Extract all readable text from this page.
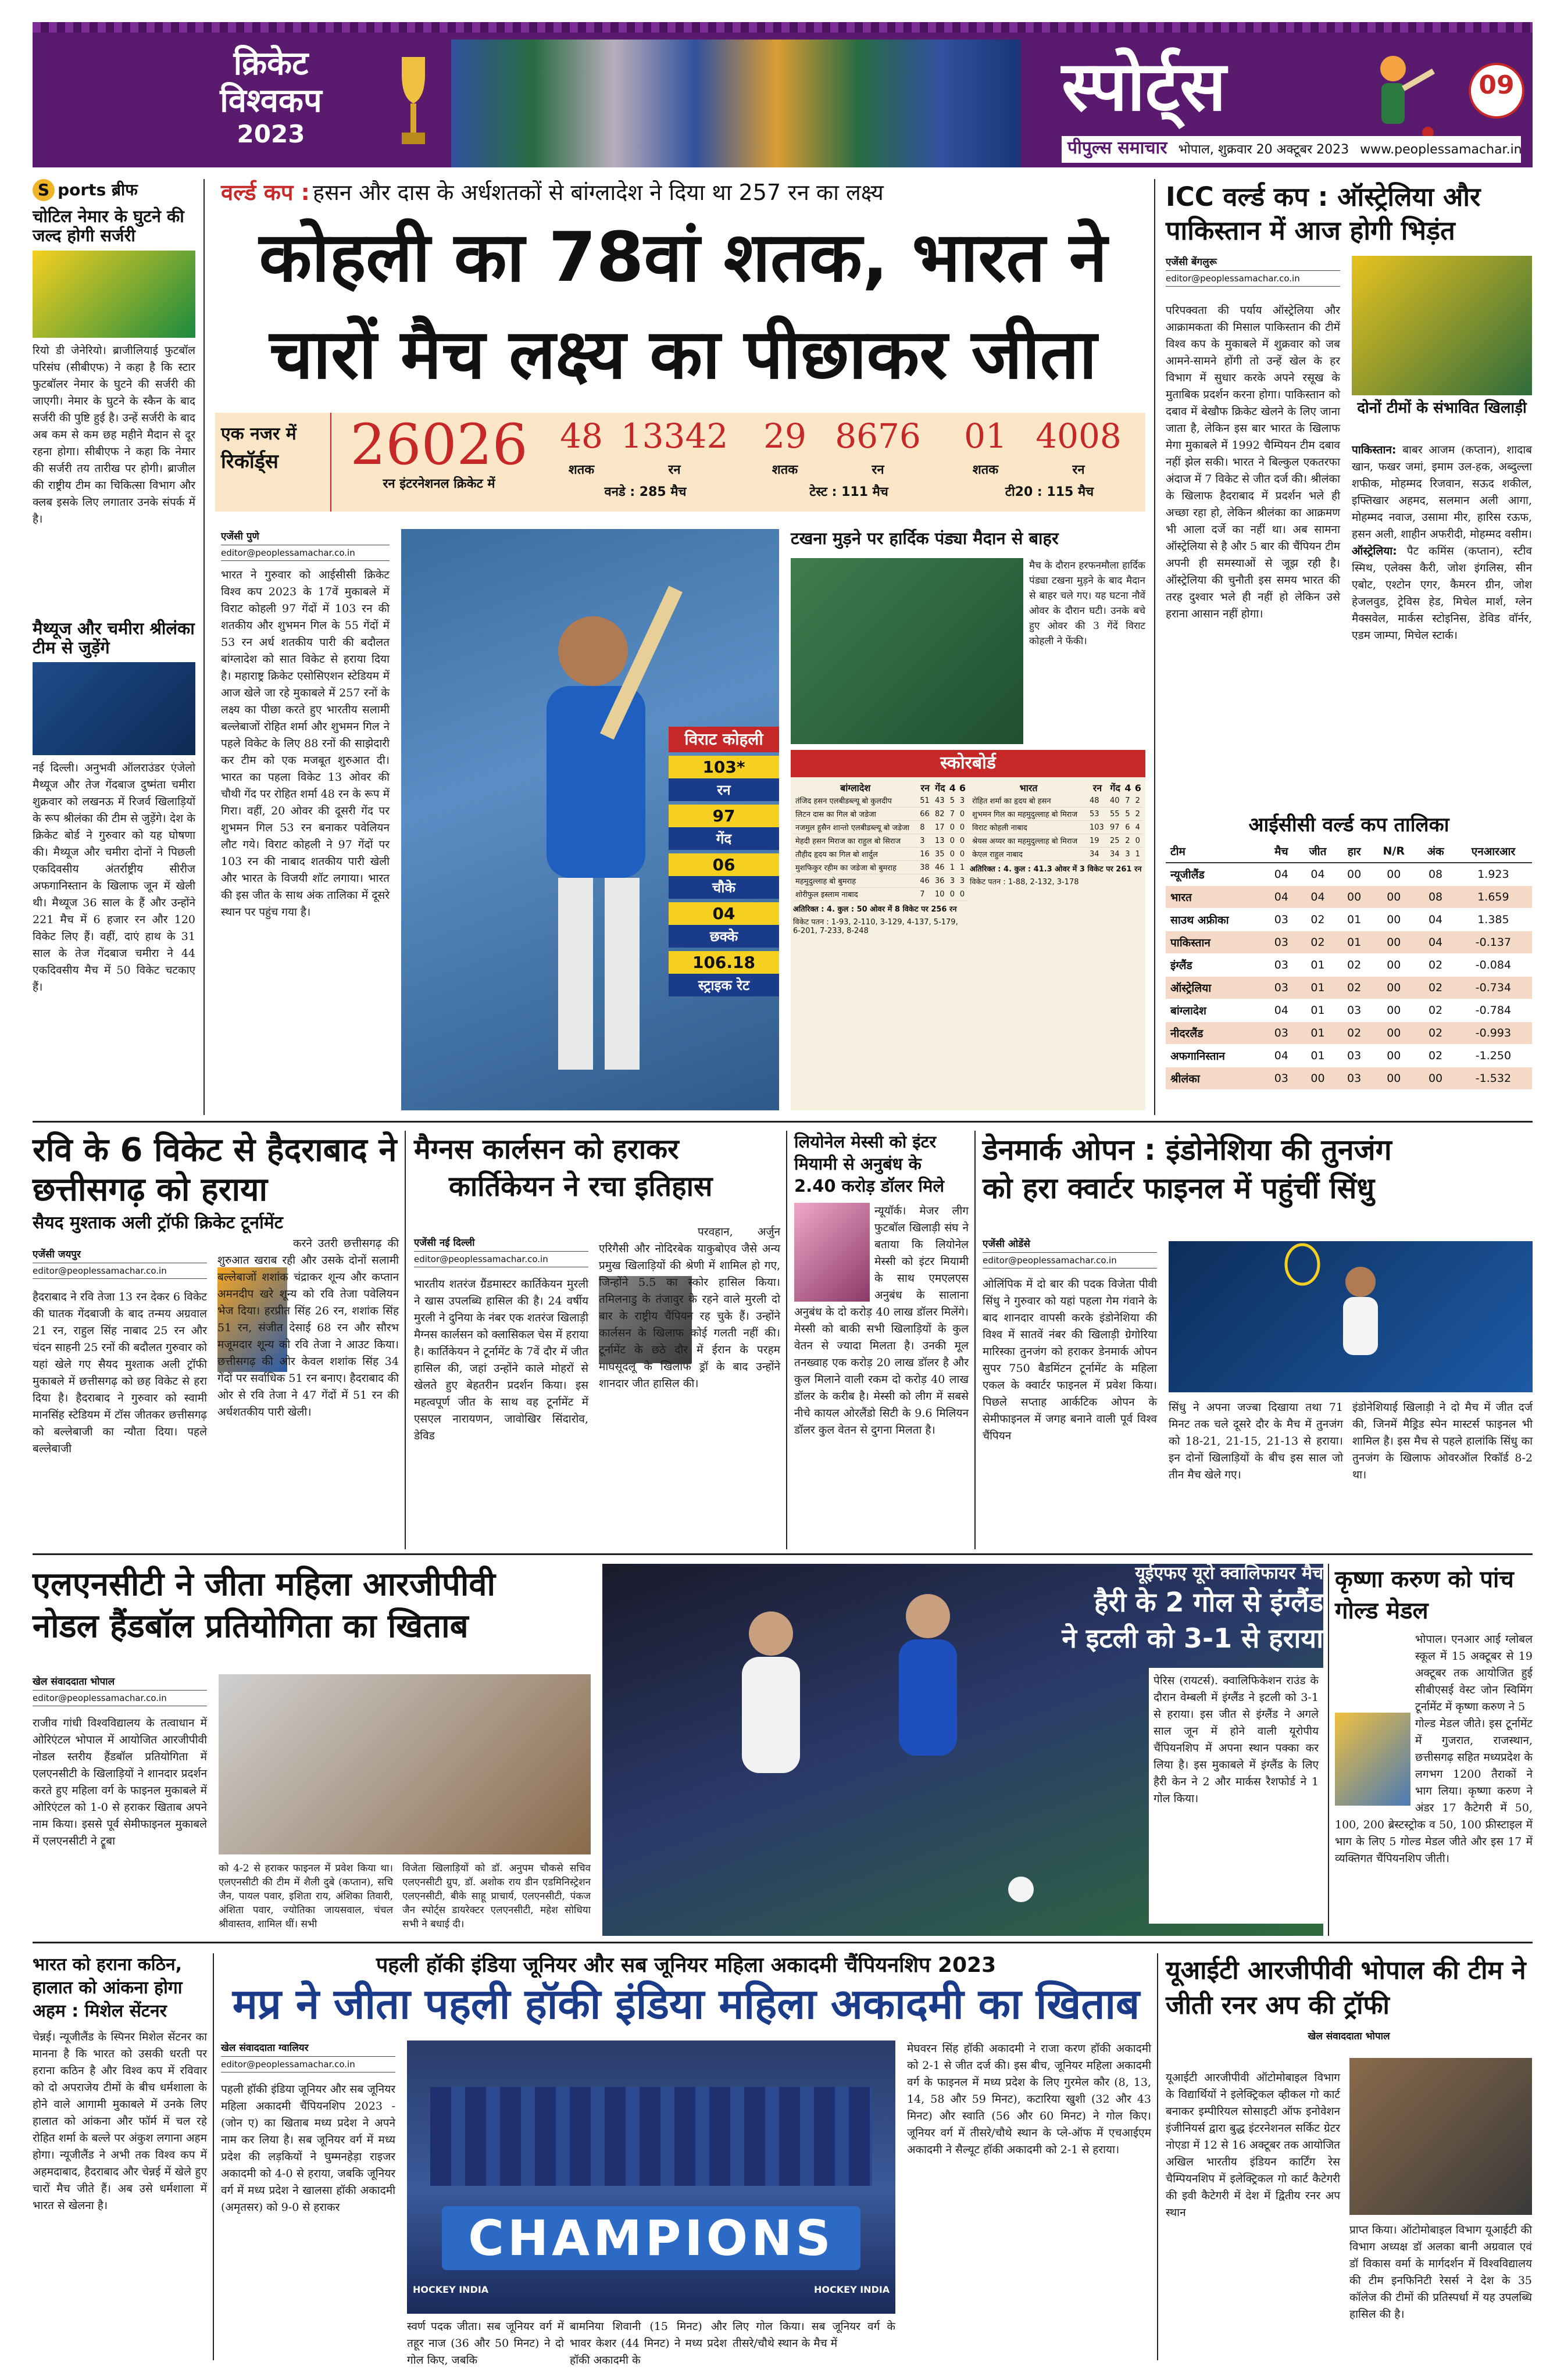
क्रिकेट
विश्वकप
2023
स्पोर्ट्स	09
पीपुल्स समाचार भोपाल, शुक्रवार 20 अक्टूबर 2023 www.peoplessamachar.in
S ports ब्रीफ
चोटिल नेमार के घुटने की जल्द होगी सर्जरी
रियो डी जेनेरियो। ब्राजीलियाई फुटबॉल परिसंघ (सीबीएफ) ने कहा है कि स्टार फुटबॉलर नेमार के घुटने की सर्जरी की जाएगी। नेमार के घुटने के स्कैन के बाद सर्जरी की पुष्टि हुई है। उन्हें सर्जरी के बाद अब कम से कम छह महीने मैदान से दूर रहना होगा। सीबीएफ ने कहा कि नेमार की सर्जरी तय तारीख पर होगी। ब्राजील की राष्ट्रीय टीम का चिकित्सा विभाग और क्लब इसके लिए लगातार उनके संपर्क में है।
मैथ्यूज और चमीरा श्रीलंका टीम से जुड़ेंगे
नई दिल्ली। अनुभवी ऑलराउंडर एंजेलो मैथ्यूज और तेज गेंदबाज दुष्मंता चमीरा शुक्रवार को लखनऊ में रिजर्व खिलाड़ियों के रूप श्रीलंका की टीम से जुड़ेंगे। देश के क्रिकेट बोर्ड ने गुरुवार को यह घोषणा की। मैथ्यूज और चमीरा दोनों ने पिछली एकदिवसीय अंतर्राष्ट्रीय सीरीज अफगानिस्तान के खिलाफ जून में खेली थी। मैथ्यूज 36 साल के हैं और उन्होंने 221 मैच में 6 हजार रन और 120 विकेट लिए हैं। वहीं, दाएं हाथ के 31 साल के तेज गेंदबाज चमीरा ने 44 एकदिवसीय मैच में 50 विकेट चटकाए हैं।
वर्ल्ड कप : हसन और दास के अर्धशतकों से बांग्लादेश ने दिया था 257 रन का लक्ष्य
कोहली का 78वां शतक, भारत ने
चारों मैच लक्ष्य का पीछाकर जीता
एक नजर में
रिकॉर्ड्स	26026
रन इंटरनेशनल क्रिकेट में
48
शतक
13342
रन
वनडे : 285 मैच
29
शतक
8676
रन
टेस्ट : 111 मैच
01
शतक
4008
रन
टी20 : 115 मैच
एजेंसी पुणे
editor@peoplessamachar.co.in
भारत ने गुरुवार को आईसीसी क्रिकेट विश्व कप 2023 के 17वें मुकाबले में विराट कोहली 97 गेंदों में 103 रन की शतकीय और शुभमन गिल के 55 गेंदों में 53 रन अर्ध शतकीय पारी की बदौलत बांग्लादेश को सात विकेट से हराया दिया है। महाराष्ट्र क्रिकेट एसोसिएशन स्टेडियम में आज खेले जा रहे मुकाबले में 257 रनों के लक्ष्य का पीछा करते हुए भारतीय सलामी बल्लेबाजों रोहित शर्मा और शुभमन गिल ने पहले विकेट के लिए 88 रनों की साझेदारी कर टीम को एक मजबूत शुरुआत दी। भारत का पहला विकेट 13 ओवर की चौथी गेंद पर रोहित शर्मा 48 रन के रूप में गिरा। वहीं, 20 ओवर की दूसरी गेंद पर शुभमन गिल 53 रन बनाकर पवेलियन लौट गये। विराट कोहली ने 97 गेंदों पर 103 रन की नाबाद शतकीय पारी खेली और भारत के विजयी शॉट लगाया। भारत की इस जीत के साथ अंक तालिका में दूसरे स्थान पर पहुंच गया है।
विराट कोहली
103*
रन
97
गेंद
06
चौके
04
छक्के
106.18
स्ट्राइक रेट
टखना मुड़ने पर हार्दिक पंड्या मैदान से बाहर
मैच के दौरान हरफनमौला हार्दिक पंड्या टखना मुड़ने के बाद मैदान से बाहर चले गए। यह घटना नौवें ओवर के दौरान घटी। उनके बचे हुए ओवर की 3 गेंदें विराट कोहली ने फेंकी।
स्कोरबोर्ड
बांग्लादेश	रन	गेंद	4	6
तंजिद हसन एलबीडब्ल्यू बो कुलदीप	51	43	5	3
लिटन दास का गिल बो जडेजा	66	82	7	0
नजमुल हुसैन शान्तो एलबीडब्ल्यू बो जडेजा	8	17	0	0
मेहदी हसन मिराज का राहुल बो सिराज	3	13	0	0
तौहीद हृदय का गिल बो शार्दुल	16	35	0	0
मुशफिकुर रहीम का जडेजा बो बुमराह	38	46	1	1
महमुदुल्लाह बो बुमराह	46	36	3	3
शोरीफुल इस्लाम नाबाद	7	10	0	0
अतिरिक्त : 4. कुल : 50 ओवर में 8 विकेट पर 256 रन
विकेट पतन : 1-93, 2-110, 3-129, 4-137, 5-179, 6-201, 7-233, 8-248
भारत	रन	गेंद	4	6
रोहित शर्मा का हृदय बो हसन	48	40	7	2
शुभमन गिल का महमुदुल्लाह बो मिराज	53	55	5	2
विराट कोहली नाबाद	103	97	6	4
श्रेयस अय्यर का महमुदुल्लाह बो मिराज	19	25	2	0
केएल राहुल नाबाद	34	34	3	1
अतिरिक्त : 4. कुल : 41.3 ओवर में 3 विकेट पर 261 रन
विकेट पतन : 1-88, 2-132, 3-178
ICC वर्ल्ड कप : ऑस्ट्रेलिया और पाकिस्तान में आज होगी भिड़ंत
एजेंसी बेंगलुरू
editor@peoplessamachar.co.in
दोनों टीमों के संभावित खिलाड़ी
परिपक्वता की पर्याय ऑस्ट्रेलिया और आक्रामकता की मिसाल पाकिस्तान की टीमें विश्व कप के मुकाबले में शुक्रवार को जब आमने-सामने होंगी तो उन्हें खेल के हर विभाग में सुधार करके अपने रसूख के मुताबिक प्रदर्शन करना होगा। पाकिस्तान को दबाव में बेखौफ क्रिकेट खेलने के लिए जाना जाता है, लेकिन इस बार भारत के खिलाफ मेगा मुकाबले में 1992 चैम्पियन टीम दबाव नहीं झेल सकी। भारत ने बिल्कुल एकतरफा अंदाज में 7 विकेट से जीत दर्ज की। श्रीलंका के खिलाफ हैदराबाद में प्रदर्शन भले ही अच्छा रहा हो, लेकिन श्रीलंका का आक्रमण भी आला दर्जे का नहीं था। अब सामना ऑस्ट्रेलिया से है और 5 बार की चैंपियन टीम अपनी ही समस्याओं से जूझ रही है। ऑस्ट्रेलिया की चुनौती इस समय भारत की तरह दुश्वार भले ही नहीं हो लेकिन उसे हराना आसान नहीं होगा।
पाकिस्तान: बाबर आजम (कप्तान), शादाब खान, फखर जमां, इमाम उल-हक, अब्दुल्ला शफीक, मोहम्मद रिजवान, सऊद शकील, इफ्तिखार अहमद, सलमान अली आगा, मोहम्मद नवाज, उसामा मीर, हारिस रऊफ, हसन अली, शाहीन अफरीदी, मोहम्मद वसीम। ऑस्ट्रेलिया: पैट कमिंस (कप्तान), स्टीव स्मिथ, एलेक्स कैरी, जोश इंगलिस, सीन एबोट, एश्टोन एगर, कैमरन ग्रीन, जोश हेजलवुड, ट्रेविस हेड, मिचेल मार्श, ग्लेन मैक्सवेल, मार्कस स्टोइनिस, डेविड वॉर्नर, एडम जाम्पा, मिचेल स्टार्क।
आईसीसी वर्ल्ड कप तालिका
टीम	मैच	जीत	हार	N/R	अंक	एनआरआर
न्यूजीलैंड	04	04	00	00	08	1.923
भारत	04	04	00	00	08	1.659
साउथ अफ्रीका	03	02	01	00	04	1.385
पाकिस्तान	03	02	01	00	04	-0.137
इंग्लैंड	03	01	02	00	02	-0.084
ऑस्ट्रेलिया	03	01	02	00	02	-0.734
बांग्लादेश	04	01	03	00	02	-0.784
नीदरलैंड	03	01	02	00	02	-0.993
अफगानिस्तान	04	01	03	00	02	-1.250
श्रीलंका	03	00	03	00	00	-1.532
रवि के 6 विकेट से हैदराबाद ने छत्तीसगढ़ को हराया
सैयद मुश्ताक अली ट्रॉफी क्रिकेट टूर्नामेंट
एजेंसी जयपुर
editor@peoplessamachar.co.in
हैदराबाद ने रवि तेजा 13 रन देकर 6 विकेट की घातक गेंदबाजी के बाद तन्मय अग्रवाल 21 रन, राहुल सिंह नाबाद 25 रन और चंदन साहनी 25 रनों की बदौलत गुरुवार को यहां खेले गए सैयद मुश्ताक अली ट्रॉफी मुकाबले में छत्तीसगढ़ को छह विकेट से हरा दिया है। हैदराबाद ने गुरुवार को स्वामी मानसिंह स्टेडियम में टॉस जीतकर छत्तीसगढ़ को बल्लेबाजी का न्यौता दिया। पहले बल्लेबाजी
करने उतरी छत्तीसगढ़ की शुरुआत खराब रही और उसके दोनों सलामी बल्लेबाजों शशांक चंद्राकर शून्य और कप्तान अमनदीप खरे शून्य को रवि तेजा पवेलियन भेज दिया। हरप्रीत सिंह 26 रन, शशांक सिंह 51 रन, संजीत देसाई 68 रन और सौरभ मजूमदार शून्य को रवि तेजा ने आउट किया। छत्तीसगढ़ की ओर केवल शशांक सिंह 34 गेंदों पर सर्वाधिक 51 रन बनाए। हैदराबाद की ओर से रवि तेजा ने 47 गेंदों में 51 रन की अर्धशतकीय पारी खेली।
मैग्नस कार्लसन को हराकर
कार्तिकेयन ने रचा इतिहास
एजेंसी नई दिल्ली
editor@peoplessamachar.co.in
भारतीय शतरंज ग्रैंडमास्टर कार्तिकेयन मुरली ने खास उपलब्धि हासिल की है। 24 वर्षीय मुरली ने दुनिया के नंबर एक शतरंज खिलाड़ी मैग्नस कार्लसन को क्लासिकल चेस में हराया है। कार्तिकेयन ने टूर्नामेंट के 7वें दौर में जीत हासिल की, जहां उन्होंने काले मोहरों से खेलते हुए बेहतरीन प्रदर्शन किया। इस महत्वपूर्ण जीत के साथ वह टूर्नामेंट में एसएल नारायणन, जावोखिर सिंदारोव, डेविड
परवहान, अर्जुन एरिगैसी और नोदिरबेक याकुबोएव जैसे अन्य प्रमुख खिलाड़ियों की श्रेणी में शामिल हो गए, जिन्होंने 5.5 का स्कोर हासिल किया। तमिलनाडु के तंजावुर के रहने वाले मुरली दो बार के राष्ट्रीय चैंपियन रह चुके हैं। उन्होंने कार्लसन के खिलाफ कोई गलती नहीं की। टूर्नामेंट के छठे दौर में ईरान के परहम माघसूदलू के खिलाफ ड्रॉ के बाद उन्होंने शानदार जीत हासिल की।
लियोनेल मेस्सी को इंटर मियामी से अनुबंध के 2.40 करोड़ डॉलर मिले
न्यूयॉर्क। मेजर लीग फुटबॉल खिलाड़ी संघ ने बताया कि लियोनेल मेस्सी को इंटर मियामी के साथ एमएलएस अनुबंध के सालाना अनुबंध के दो करोड़ 40 लाख डॉलर मिलेंगे। मेस्सी को बाकी सभी खिलाड़ियों के कुल वेतन से ज्यादा मिलता है। उनकी मूल तनख्वाह एक करोड़ 20 लाख डॉलर है और कुल मिलाने वाली रकम दो करोड़ 40 लाख डॉलर के करीब है। मेस्सी को लीग में सबसे नीचे कायल ओरलैंडो सिटी के 9.6 मिलियन डॉलर कुल वेतन से दुगना मिलता है।
डेनमार्क ओपन : इंडोनेशिया की तुनजंग
को हरा क्वार्टर फाइनल में पहुंचीं सिंधु
एजेंसी ओडेंसे
editor@peoplessamachar.co.in
ओलिंपिक में दो बार की पदक विजेता पीवी सिंधु ने गुरुवार को यहां पहला गेम गंवाने के बाद शानदार वापसी करके इंडोनेशिया की विश्व में सातवें नंबर की खिलाड़ी ग्रेगोरिया मारिस्का तुनजंग को हराकर डेनमार्क ओपन सुपर 750 बैडमिंटन टूर्नामेंट के महिला एकल के क्वार्टर फाइनल में प्रवेश किया। पिछले सप्ताह आर्कटिक ओपन के सेमीफाइनल में जगह बनाने वाली पूर्व विश्व चैंपियन
सिंधु ने अपना जज्बा दिखाया तथा 71 मिनट तक चले दूसरे दौर के मैच में तुनजंग को 18-21, 21-15, 21-13 से हराया। इन दोनों खिलाड़ियों के बीच इस साल जो तीन मैच खेले गए।
इंडोनेशियाई खिलाड़ी ने दो मैच में जीत दर्ज की, जिनमें मैड्रिड स्पेन मास्टर्स फाइनल भी शामिल है। इस मैच से पहले हालांकि सिंधु का तुनजंग के खिलाफ ओवरऑल रिकॉर्ड 8-2 था।
एलएनसीटी ने जीता महिला आरजीपीवी
नोडल हैंडबॉल प्रतियोगिता का खिताब
खेल संवाददाता भोपाल
editor@peoplessamachar.co.in
राजीव गांधी विश्वविद्यालय के तत्वाधान में ओरिएंटल भोपाल में आयोजित आरजीपीवी नोडल स्तरीय हैंडबॉल प्रतियोगिता में एलएनसीटी के खिलाड़ियों ने शानदार प्रदर्शन करते हुए महिला वर्ग के फाइनल मुकाबले में ओरिएंटल को 1-0 से हराकर खिताब अपने नाम किया। इससे पूर्व सेमीफाइनल मुकाबले में एलएनसीटी ने ट्रूबा
को 4-2 से हराकर फाइनल में प्रवेश किया था। एलएनसीटी की टीम में शैली दुबे (कप्तान), सचि जैन, पायल पवार, इशिता राय, अंशिका तिवारी, अंशिता पवार, ज्योतिका जायसवाल, चंचल श्रीवास्तव, शामिल थीं। सभी
विजेता खिलाड़ियों को डॉ. अनुपम चौकसे सचिव एलएनसीटी ग्रुप, डॉ. अशोक राय डीन एडमिनिस्ट्रेशन एलएनसीटी, बीके साहू प्राचार्य, एलएनसीटी, पंकज जैन स्पोर्ट्स डायरेक्टर एलएनसीटी, महेश सोधिया सभी ने बधाई दी।
यूईएफए यूरो क्वालिफायर मैच
हैरी के 2 गोल से इंग्लैंड
ने इटली को 3-1 से हराया
पेरिस (रायटर्स). क्वालिफिकेशन राउंड के दौरान वेम्बली में इंग्लैंड ने इटली को 3-1 से हराया। इस जीत से इंग्लैंड ने अगले साल जून में होने वाली यूरोपीय चैंपियनशिप में अपना स्थान पक्का कर लिया है। इस मुकाबले में इंग्लैंड के लिए हैरी केन ने 2 और मार्कस रैशफोर्ड ने 1 गोल किया।
कृष्णा करुण को पांच गोल्ड मेडल
भोपाल। एनआर आई ग्लोबल स्कूल में 15 अक्टूबर से 19 अक्टूबर तक आयोजित हुई सीबीएसई वेस्ट जोन स्विमिंग टूर्नामेंट में कृष्णा करुण ने 5
गोल्ड मेडल जीते। इस टूर्नामेंट में गुजरात, राजस्थान, छत्तीसगढ़ सहित मध्यप्रदेश के लगभग 1200 तैराकों ने भाग लिया। कृष्णा करुण ने अंडर 17 कैटेगरी में 50, 100, 200 ब्रेस्टस्ट्रोक व 50, 100 फ्रीस्टाइल में भाग के लिए 5 गोल्ड मेडल जीते और इस 17 में व्यक्तिगत चैंपियनशिप जीती।
भारत को हराना कठिन, हालात को आंकना होगा अहम : मिशेल सेंटनर
चेन्नई। न्यूजीलैंड के स्पिनर मिशेल सेंटनर का मानना है कि भारत को उसकी धरती पर हराना कठिन है और विश्व कप में रविवार को दो अपराजेय टीमों के बीच धर्मशाला के होने वाले आगामी मुकाबले में उनके लिए हालात को आंकना और फॉर्म में चल रहे रोहित शर्मा के बल्ले पर अंकुश लगाना अहम होगा। न्यूजीलैंड ने अभी तक विश्व कप में अहमदाबाद, हैदराबाद और चेन्नई में खेले हुए चारों मैच जीते हैं। अब उसे धर्मशाला में भारत से खेलना है।
पहली हॉकी इंडिया जूनियर और सब जूनियर महिला अकादमी चैंपियनशिप 2023
मप्र ने जीता पहली हॉकी इंडिया महिला अकादमी का खिताब
खेल संवाददाता ग्वालियर
editor@peoplessamachar.co.in
पहली हॉकी इंडिया जूनियर और सब जूनियर महिला अकादमी चैंपियनशिप 2023 - (जोन ए) का खिताब मध्य प्रदेश ने अपने नाम कर लिया है। सब जूनियर वर्ग में मध्य प्रदेश की लड़कियों ने घुम्मनहेड़ा राइजर अकादमी को 4-0 से हराया, जबकि जूनियर वर्ग में मध्य प्रदेश ने खालसा हॉकी अकादमी (अमृतसर) को 9-0 से हराकर
CHAMPIONS
HOCKEY INDIA	HOCKEY INDIA
स्वर्ण पदक जीता। सब जूनियर वर्ग में तहूर नाज (36 और 50 मिनट) ने दो गोल किए, जबकि
बामनिया शिवानी (15 मिनट) और भावर केशर (44 मिनट) ने मध्य प्रदेश हॉकी अकादमी के
लिए गोल किया। सब जूनियर वर्ग के तीसरे/चौथे स्थान के मैच में
मेघवरन सिंह हॉकी अकादमी ने राजा करण हॉकी अकादमी को 2-1 से जीत दर्ज की। इस बीच, जूनियर महिला अकादमी वर्ग के फाइनल में मध्य प्रदेश के लिए गुरमेल कौर (8, 13, 14, 58 और 59 मिनट), कटारिया खुशी (32 और 43 मिनट) और स्वाति (56 और 60 मिनट) ने गोल किए। जूनियर वर्ग में तीसरे/चौथे स्थान के प्ले-ऑफ में एचआईएम अकादमी ने सैल्यूट हॉकी अकादमी को 2-1 से हराया।
यूआईटी आरजीपीवी भोपाल की टीम ने जीती रनर अप की ट्रॉफी
खेल संवाददाता भोपाल
यूआईटी आरजीपीवी ऑटोमोबाइल विभाग के विद्यार्थियों ने इलेक्ट्रिकल व्हीकल गो कार्ट बनाकर इम्पीरियल सोसाइटी ऑफ इनोवेशन इंजीनियर्स द्वारा बुद्ध इंटरनेशनल सर्किट ग्रेटर नोएडा में 12 से 16 अक्टूबर तक आयोजित अखिल भारतीय इंडियन कार्टिंग रेस चैम्पियनशिप में इलेक्ट्रिकल गो कार्ट कैटेगरी की इवी कैटेगरी में देश में द्वितीय रनर अप स्थान
प्राप्त किया। ऑटोमोबाइल विभाग यूआईटी की विभाग अध्यक्ष डॉ अलका बानी अग्रवाल एवं डॉ विकास वर्मा के मार्गदर्शन में विश्वविद्यालय की टीम इनफिनिटी रेसर्स ने देश के 35 कॉलेज की टीमों की प्रतिस्पर्धा में यह उपलब्धि हासिल की है।
